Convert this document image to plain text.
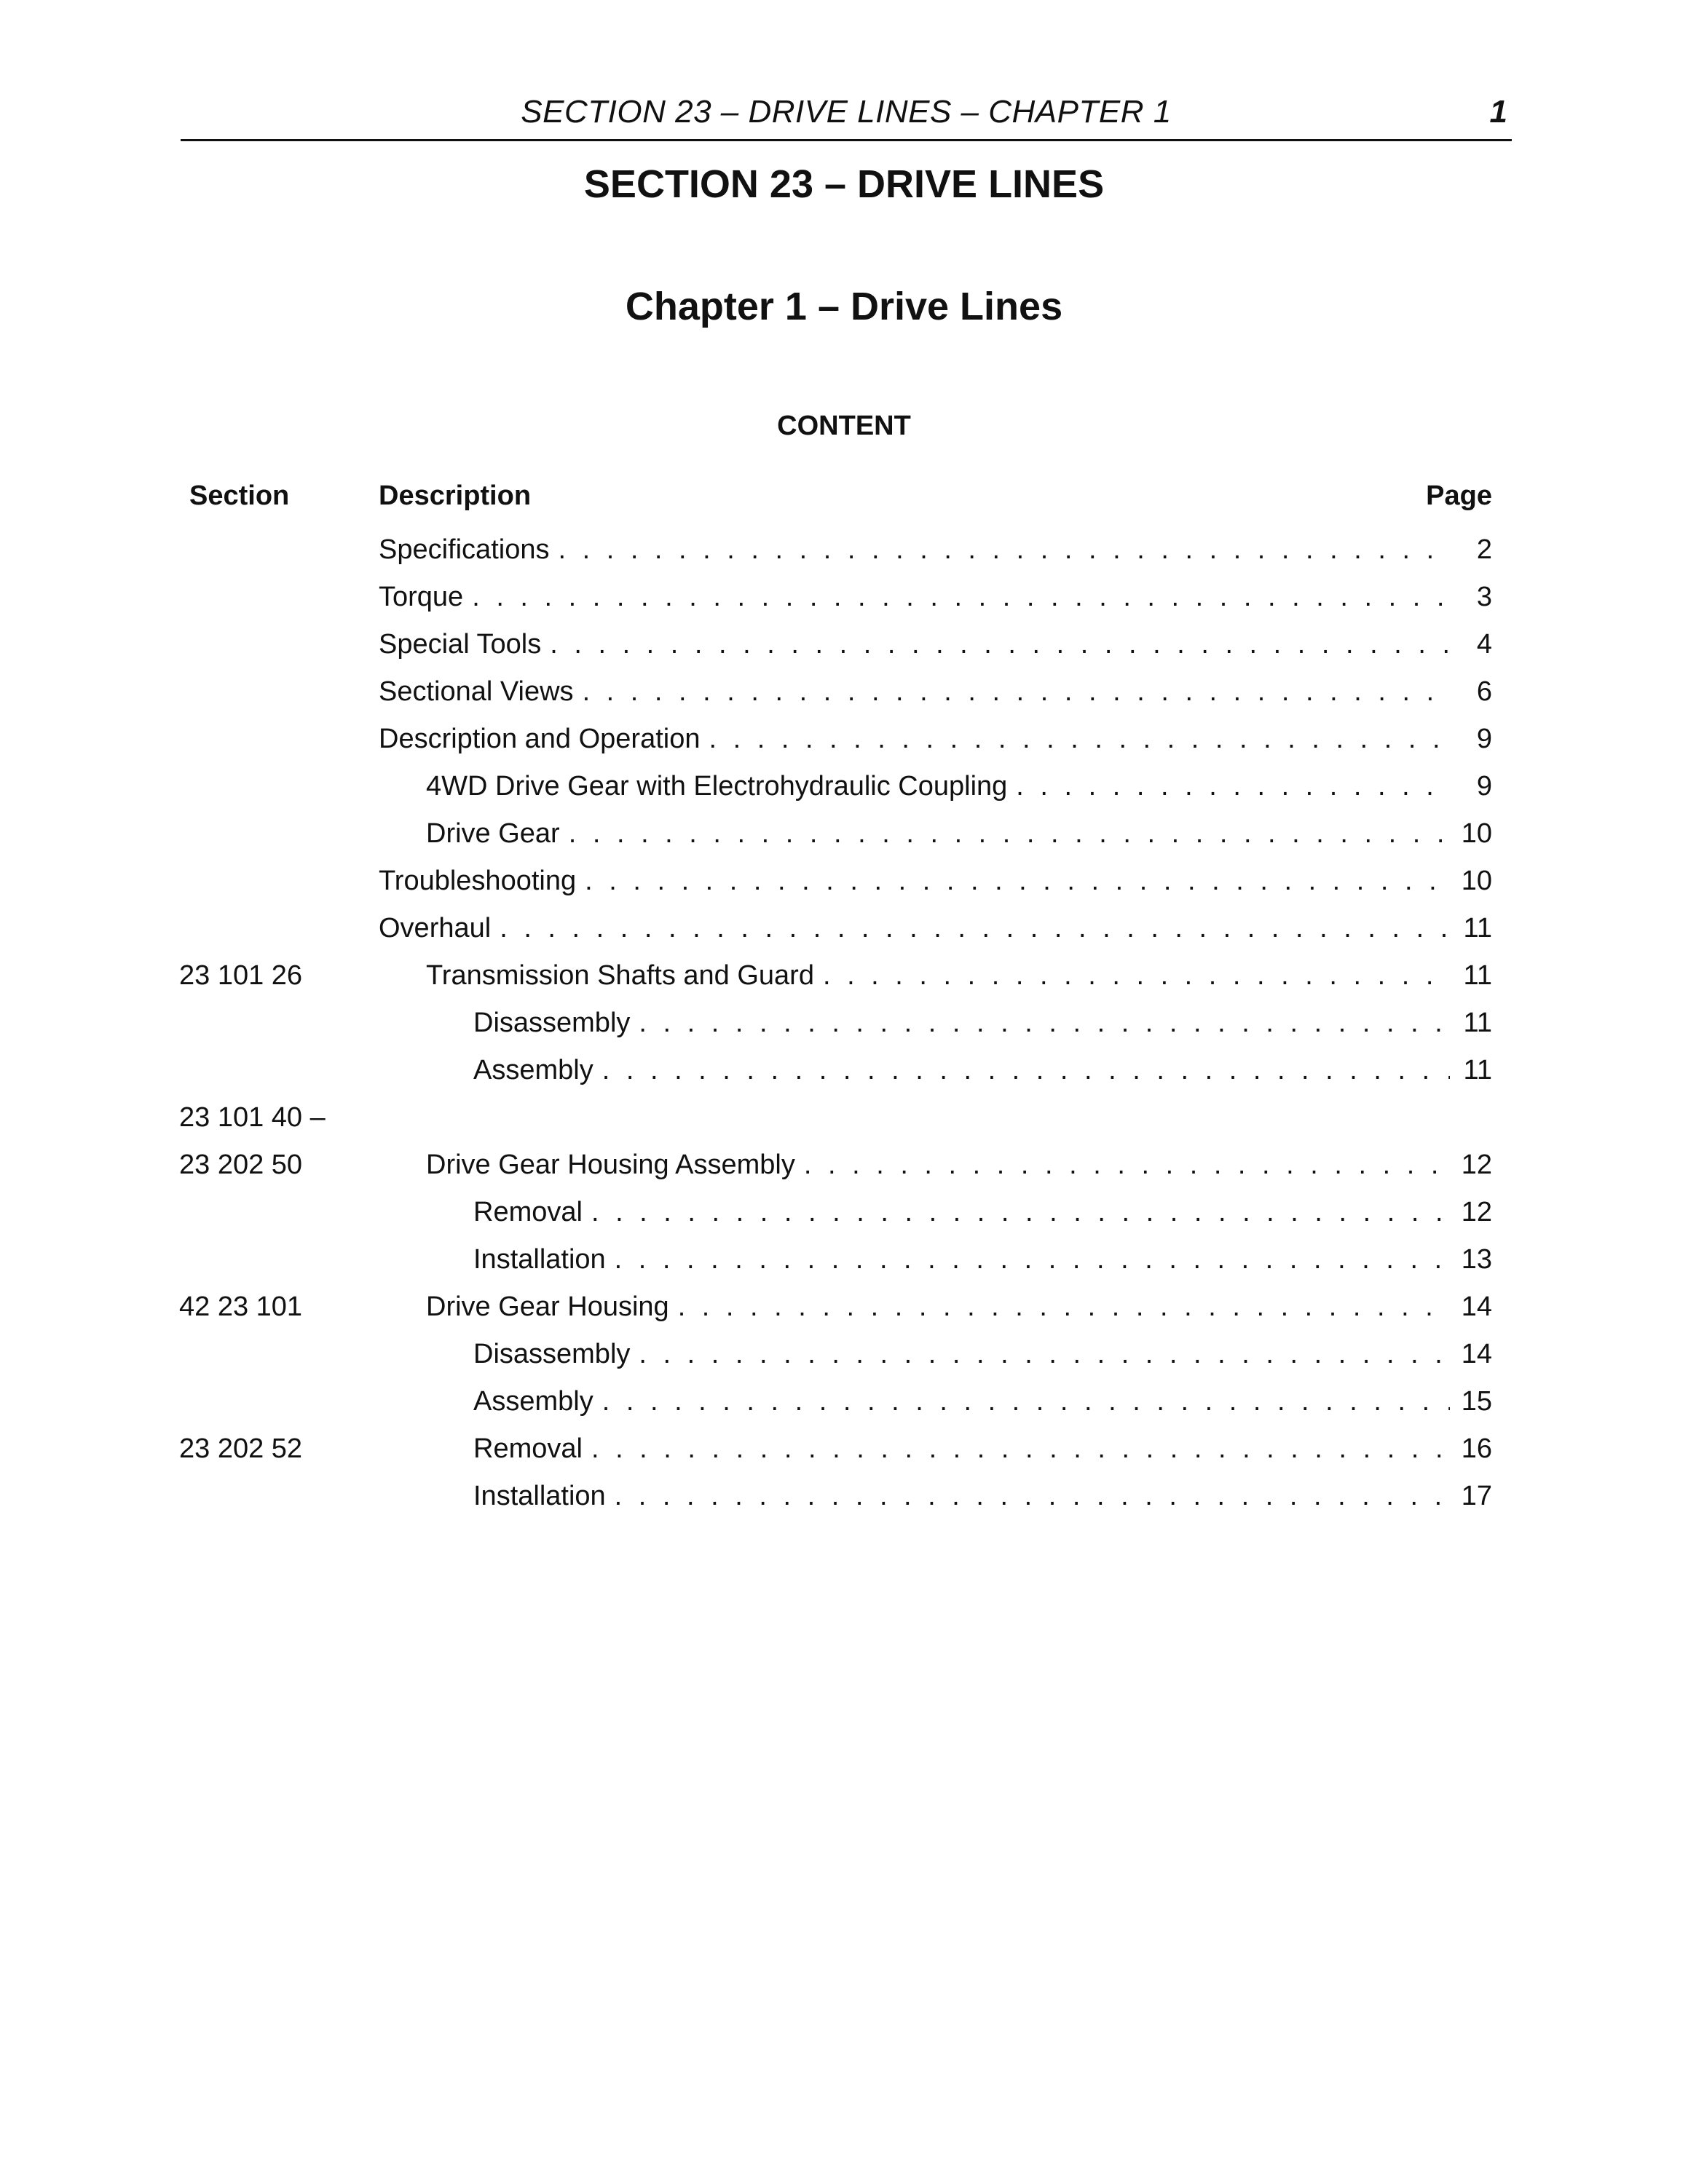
SECTION 23 – DRIVE LINES – CHAPTER 1	1
SECTION 23 – DRIVE LINES
Chapter 1 – Drive Lines
CONTENT
Section	Description	Page
Specifications . . .	2
Torque . . .	3
Special Tools . . .	4
Sectional Views . . .	6
Description and Operation . . .	9
4WD Drive Gear with Electrohydraulic Coupling . . .	9
Drive Gear . . .	10
Troubleshooting . . .	10
Overhaul . . .	11
23 101 26	Transmission Shafts and Guard . . .	11
Disassembly . . .	11
Assembly . . .	11
23 101 40 –
23 202 50	Drive Gear Housing Assembly . . .	12
Removal . . .	12
Installation . . .	13
42 23 101	Drive Gear Housing . . .	14
Disassembly . . .	14
Assembly . . .	15
23 202 52	Removal . . .	16
Installation . . .	17
